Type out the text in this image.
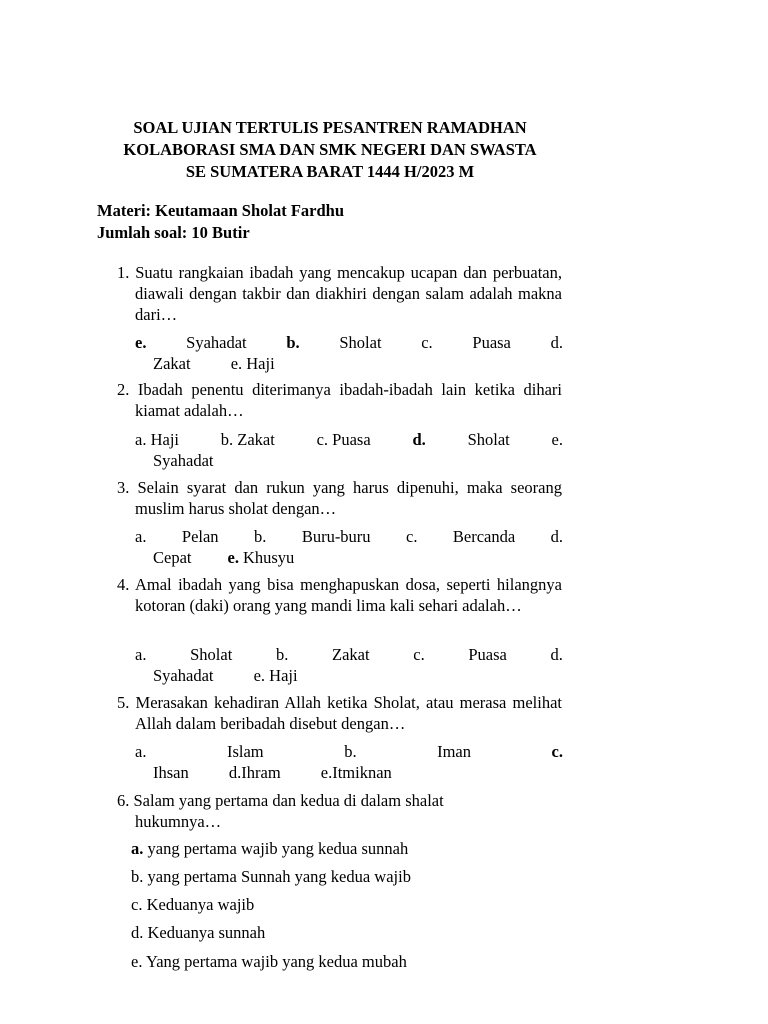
SOAL UJIAN TERTULIS PESANTREN RAMADHAN
KOLABORASI SMA DAN SMK NEGERI DAN SWASTA
SE SUMATERA BARAT 1444 H/2023 M
Materi: Keutamaan Sholat Fardhu
Jumlah soal: 10 Butir
1. Suatu rangkaian ibadah yang mencakup ucapan dan perbuatan, diawali dengan takbir dan diakhiri dengan salam adalah makna dari…
e. Syahadat b. Sholat c. Puasa d.
Zakat e. Haji
2. Ibadah penentu diterimanya ibadah-ibadah lain ketika dihari kiamat adalah…
a. Haji	b. Zakat	c. Puasa	d.	Sholat	e.
Syahadat
3. Selain syarat dan rukun yang harus dipenuhi, maka seorang muslim harus sholat dengan…
a. Pelan b. Buru-buru c. Bercanda d.
Cepat e. Khusyu
4. Amal ibadah yang bisa menghapuskan dosa, seperti hilangnya kotoran (daki) orang yang mandi lima kali sehari adalah…
a.	Sholat	b.	Zakat	c.	Puasa	d.
Syahadat e. Haji
5. Merasakan kehadiran Allah ketika Sholat, atau merasa melihat Allah dalam beribadah disebut dengan…
a.	Islam	b.	Iman	c.
Ihsan d.Ihram e.Itmiknan
6. Salam yang pertama dan kedua di dalam shalat
hukumnya…
a. yang pertama wajib yang kedua sunnah
b. yang pertama Sunnah yang kedua wajib
c. Keduanya wajib
d. Keduanya sunnah
e. Yang pertama wajib yang kedua mubah
